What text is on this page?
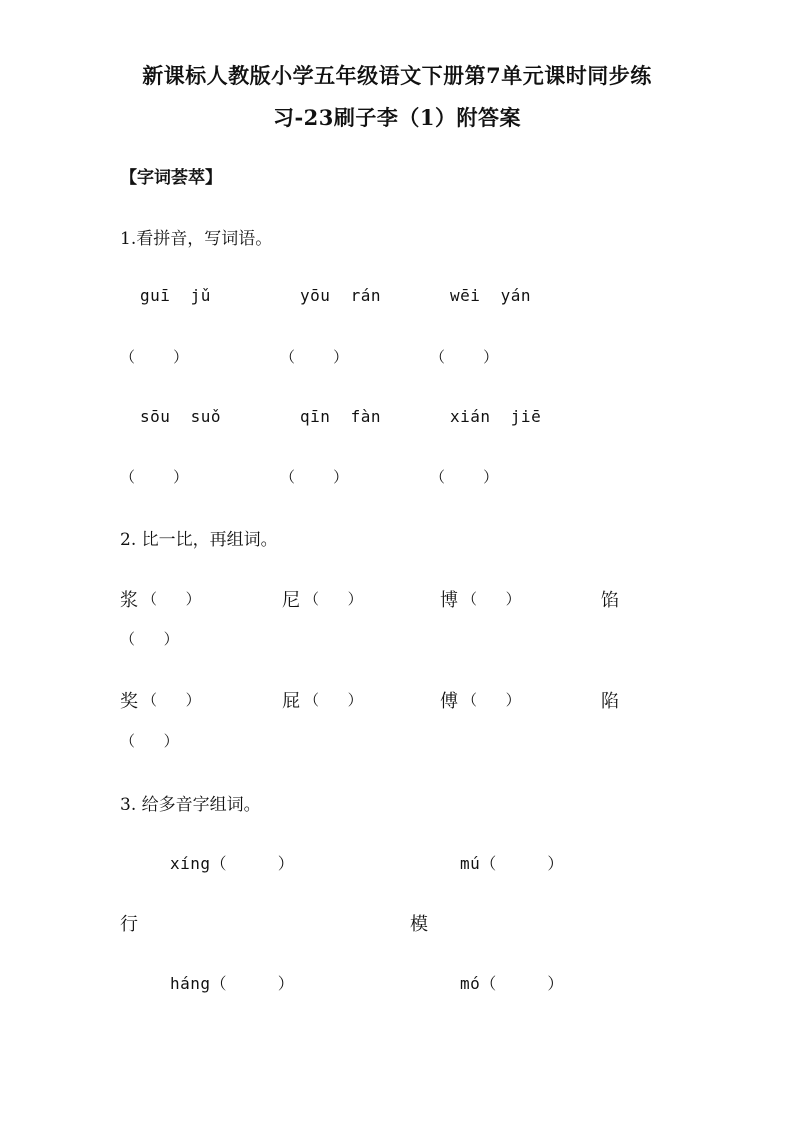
新课标人教版小学五年级语文下册第7单元课时同步练
习-23刷子李（1）附答案
【字词荟萃】
1.看拼音，写词语。
guī  jǔ	yōu  rán	wēi  yán
（        ）	（        ）	（        ）
sōu  suǒ	qīn  fàn	xián  jiē
（        ）	（        ）	（        ）
2. 比一比，再组词。
浆 （      ）	尼 （      ）	博 （      ）	馅
（      ）
奖 （      ）	屁 （      ）	傅 （      ）	陷
（      ）
3. 给多音字组词。
xíng（     ）	mú（     ）
行	模
háng（     ）	mó（     ）
